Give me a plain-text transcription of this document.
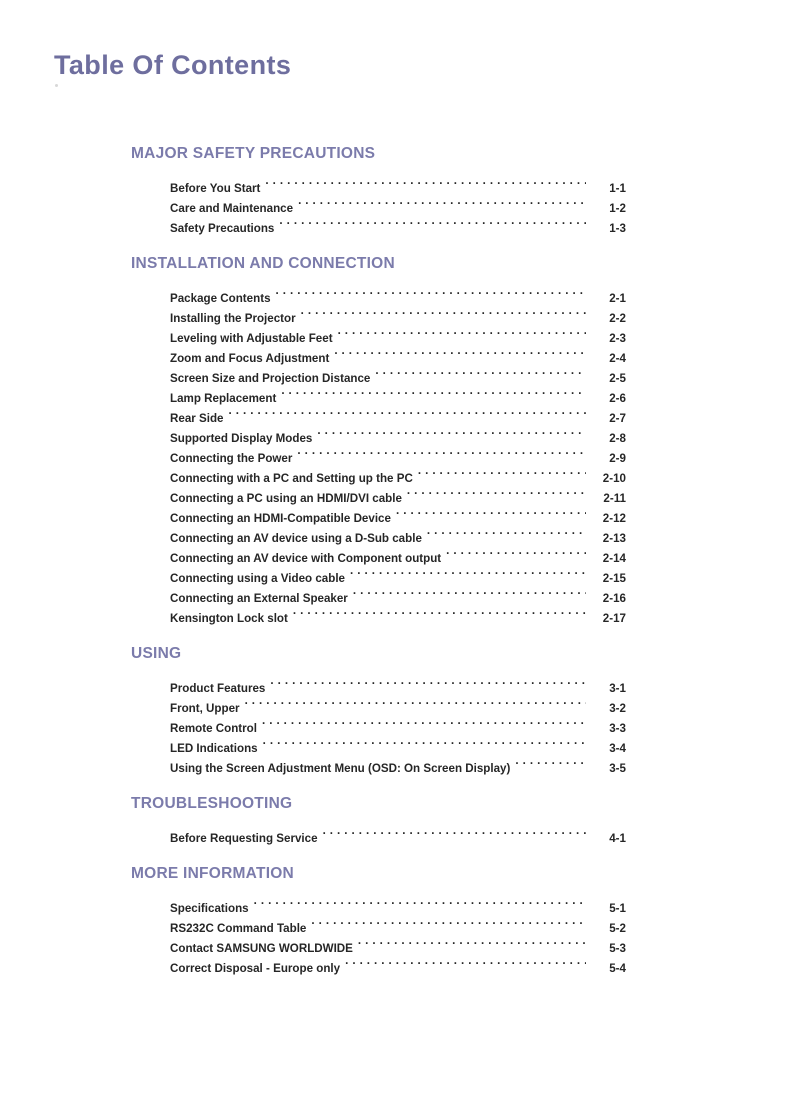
Table Of Contents
MAJOR SAFETY PRECAUTIONS
Before You Start . . .	1-1
Care and Maintenance . . .	1-2
Safety Precautions . . .	1-3
INSTALLATION AND CONNECTION
Package Contents . . .	2-1
Installing the Projector . . .	2-2
Leveling with Adjustable Feet . . .	2-3
Zoom and Focus Adjustment . . .	2-4
Screen Size and Projection Distance . . .	2-5
Lamp Replacement . . .	2-6
Rear Side . . .	2-7
Supported Display Modes . . .	2-8
Connecting the Power . . .	2-9
Connecting with a PC and Setting up the PC . . .	2-10
Connecting a PC using an HDMI/DVI cable . . .	2-11
Connecting an HDMI-Compatible Device . . .	2-12
Connecting an AV device using a D-Sub cable . . .	2-13
Connecting an AV device with Component output . . .	2-14
Connecting using a Video cable . . .	2-15
Connecting an External Speaker . . .	2-16
Kensington Lock slot . . .	2-17
USING
Product Features . . .	3-1
Front, Upper . . .	3-2
Remote Control . . .	3-3
LED Indications . . .	3-4
Using the Screen Adjustment Menu (OSD: On Screen Display) . . .	3-5
TROUBLESHOOTING
Before Requesting Service . . .	4-1
MORE INFORMATION
Specifications . . .	5-1
RS232C Command Table . . .	5-2
Contact SAMSUNG WORLDWIDE . . .	5-3
Correct Disposal - Europe only . . .	5-4
